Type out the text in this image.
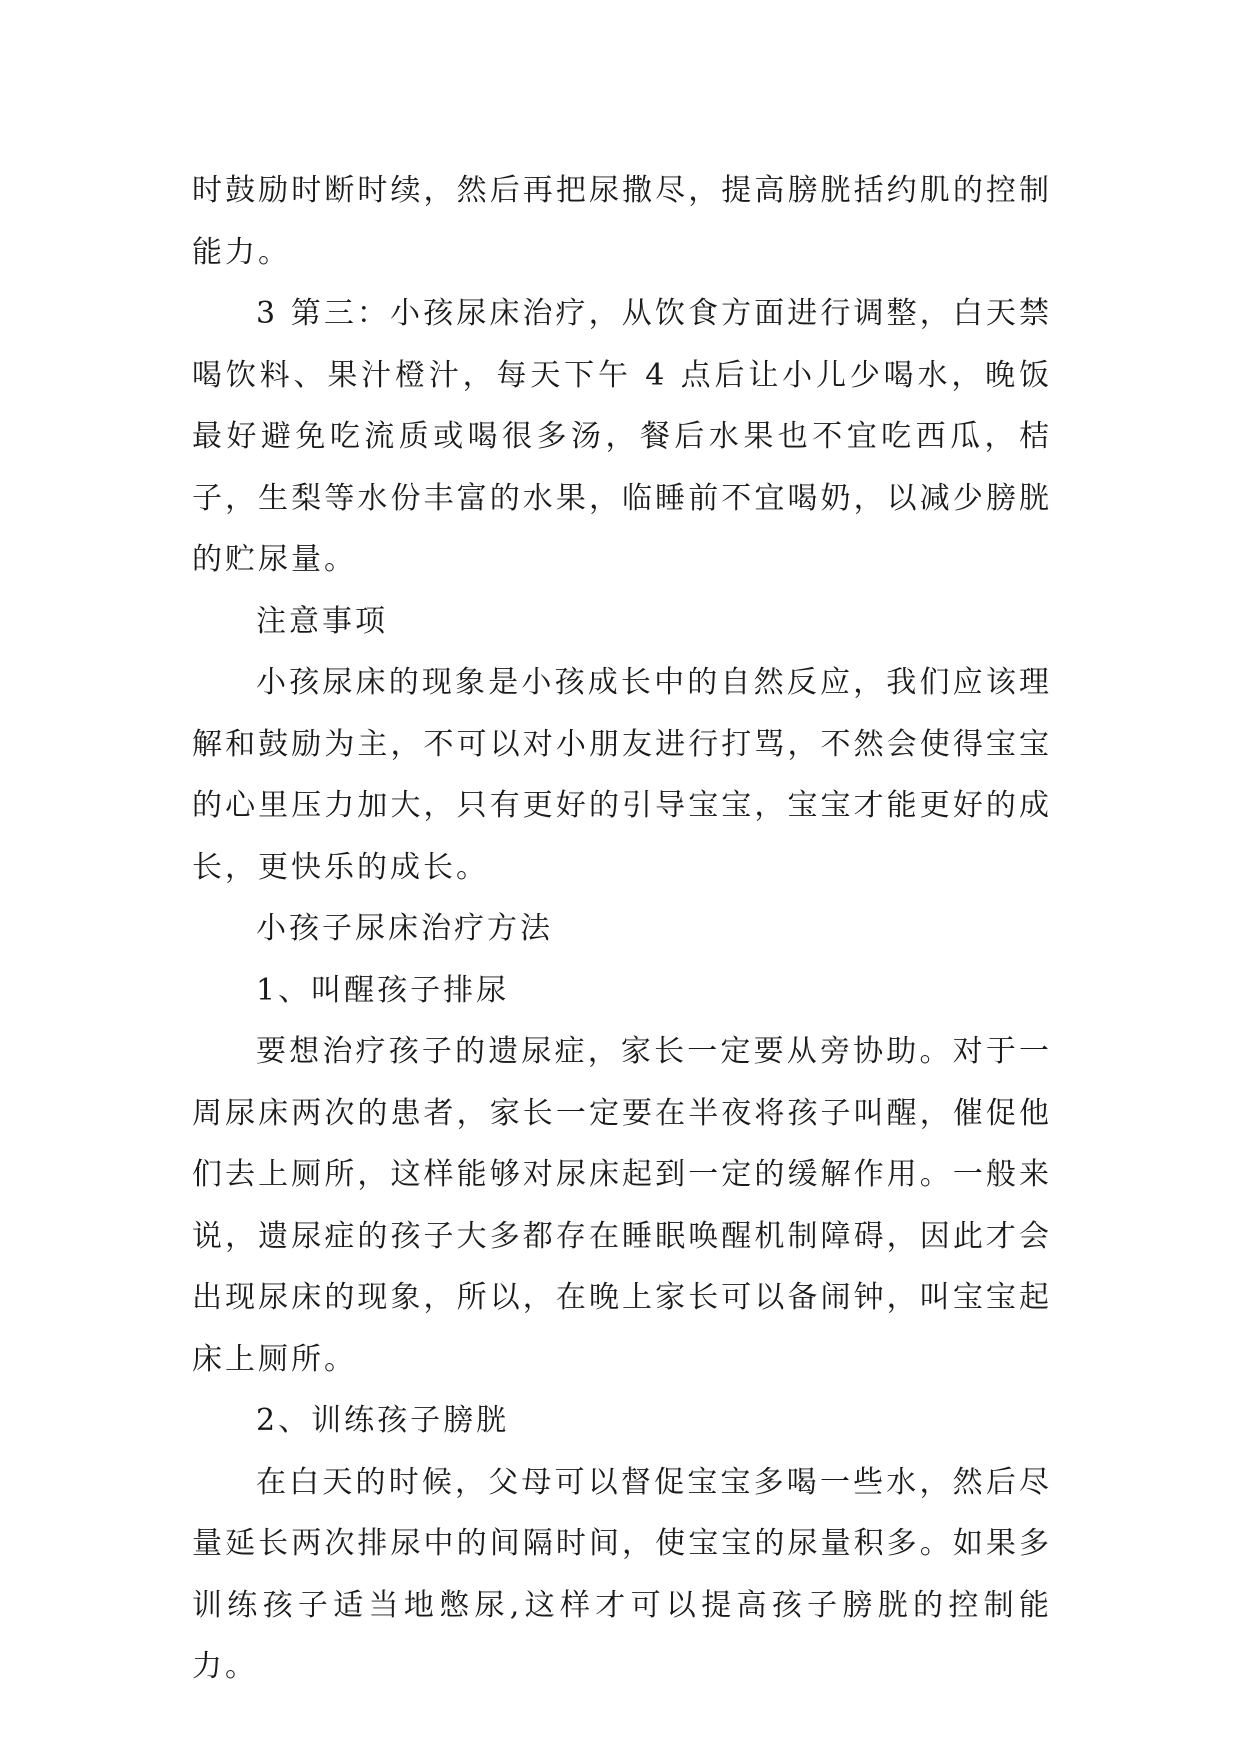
时鼓励时断时续，然后再把尿撒尽，提高膀胱括约肌的控制能力。

3 第三：小孩尿床治疗，从饮食方面进行调整，白天禁喝饮料、果汁橙汁，每天下午 4 点后让小儿少喝水，晚饭最好避免吃流质或喝很多汤，餐后水果也不宜吃西瓜，桔子，生梨等水份丰富的水果，临睡前不宜喝奶，以减少膀胱的贮尿量。

注意事项

小孩尿床的现象是小孩成长中的自然反应，我们应该理解和鼓励为主，不可以对小朋友进行打骂，不然会使得宝宝的心里压力加大，只有更好的引导宝宝，宝宝才能更好的成长，更快乐的成长。

小孩子尿床治疗方法

1、叫醒孩子排尿

要想治疗孩子的遗尿症，家长一定要从旁协助。对于一周尿床两次的患者，家长一定要在半夜将孩子叫醒，催促他们去上厕所，这样能够对尿床起到一定的缓解作用。一般来说，遗尿症的孩子大多都存在睡眠唤醒机制障碍，因此才会出现尿床的现象，所以，在晚上家长可以备闹钟，叫宝宝起床上厕所。

2、训练孩子膀胱

在白天的时候，父母可以督促宝宝多喝一些水，然后尽量延长两次排尿中的间隔时间，使宝宝的尿量积多。如果多训练孩子适当地憋尿,这样才可以提高孩子膀胱的控制能力。
